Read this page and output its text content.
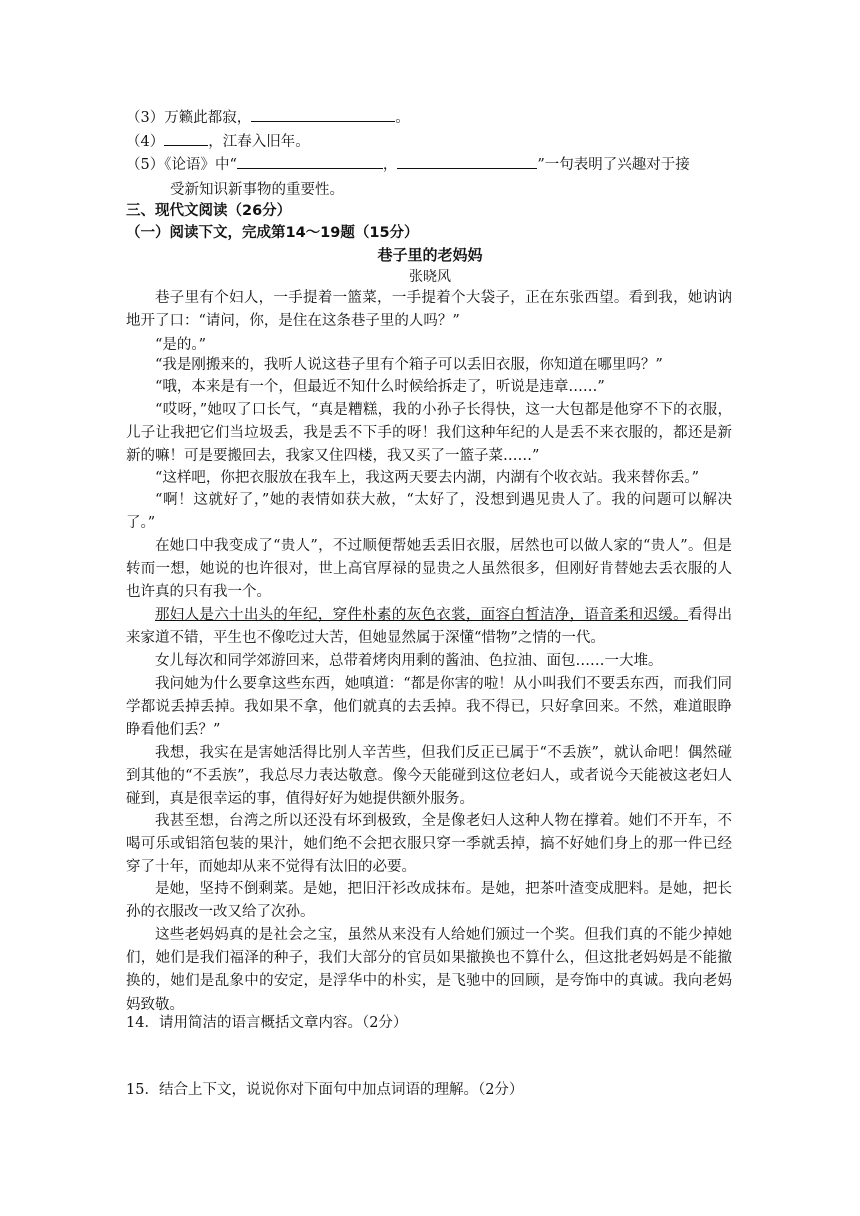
（3）万籁此都寂，	。
（4）	，江春入旧年。
（5）《论语》中“	，	”一句表明了兴趣对于接
受新知识新事物的重要性。
三、现代文阅读（26分）
（一）阅读下文，完成第14～19题（15分）
巷子里的老妈妈
张晓风
巷子里有个妇人，一手提着一篮菜，一手提着个大袋子，正在东张西望。看到我，她讷讷地开了口：“请问，你，是住在这条巷子里的人吗？”
“是的。”
“我是刚搬来的，我听人说这巷子里有个箱子可以丢旧衣服，你知道在哪里吗？”
“哦，本来是有一个，但最近不知什么时候给拆走了，听说是违章……”
“哎呀，”她叹了口长气，“真是糟糕，我的小孙子长得快，这一大包都是他穿不下的衣服，儿子让我把它们当垃圾丢，我是丢不下手的呀！我们这种年纪的人是丢不来衣服的，都还是新新的嘛！可是要搬回去，我家又住四楼，我又买了一篮子菜……”
“这样吧，你把衣服放在我车上，我这两天要去内湖，内湖有个收衣站。我来替你丢。”
“啊！这就好了，”她的表情如获大赦，“太好了，没想到遇见贵人了。我的问题可以解决了。”
在她口中我变成了“贵人”，不过顺便帮她丢丢旧衣服，居然也可以做人家的“贵人”。但是转而一想，她说的也许很对，世上高官厚禄的显贵之人虽然很多，但刚好肯替她去丢衣服的人也许真的只有我一个。
那妇人是六十出头的年纪，穿件朴素的灰色衣裳，面容白皙洁净，语音柔和迟缓。看得出来家道不错，平生也不像吃过大苦，但她显然属于深懂“惜物”之情的一代。
女儿每次和同学郊游回来，总带着烤肉用剩的酱油、色拉油、面包……一大堆。
我问她为什么要拿这些东西，她嗔道：“都是你害的啦！从小叫我们不要丢东西，而我们同学都说丢掉丢掉。我如果不拿，他们就真的去丢掉。我不得已，只好拿回来。不然，难道眼睁睁看他们丢？”
我想，我实在是害她活得比别人辛苦些，但我们反正已属于“不丢族”，就认命吧！偶然碰到其他的“不丢族”，我总尽力表达敬意。像今天能碰到这位老妇人，或者说今天能被这老妇人碰到，真是很幸运的事，值得好好为她提供额外服务。
我甚至想，台湾之所以还没有坏到极致，全是像老妇人这种人物在撑着。她们不开车，不喝可乐或铝箔包装的果汁，她们绝不会把衣服只穿一季就丢掉，搞不好她们身上的那一件已经穿了十年，而她却从来不觉得有汰旧的必要。
是她，坚持不倒剩菜。是她，把旧汗衫改成抹布。是她，把茶叶渣变成肥料。是她，把长孙的衣服改一改又给了次孙。
这些老妈妈真的是社会之宝，虽然从来没有人给她们颁过一个奖。但我们真的不能少掉她们，她们是我们福泽的种子，我们大部分的官员如果撤换也不算什么，但这批老妈妈是不能撤换的，她们是乱象中的安定，是浮华中的朴实，是飞驰中的回顾，是夸饰中的真诚。我向老妈妈致敬。
14．请用简洁的语言概括文章内容。（2分）
15．结合上下文，说说你对下面句中加点词语的理解。（2分）
